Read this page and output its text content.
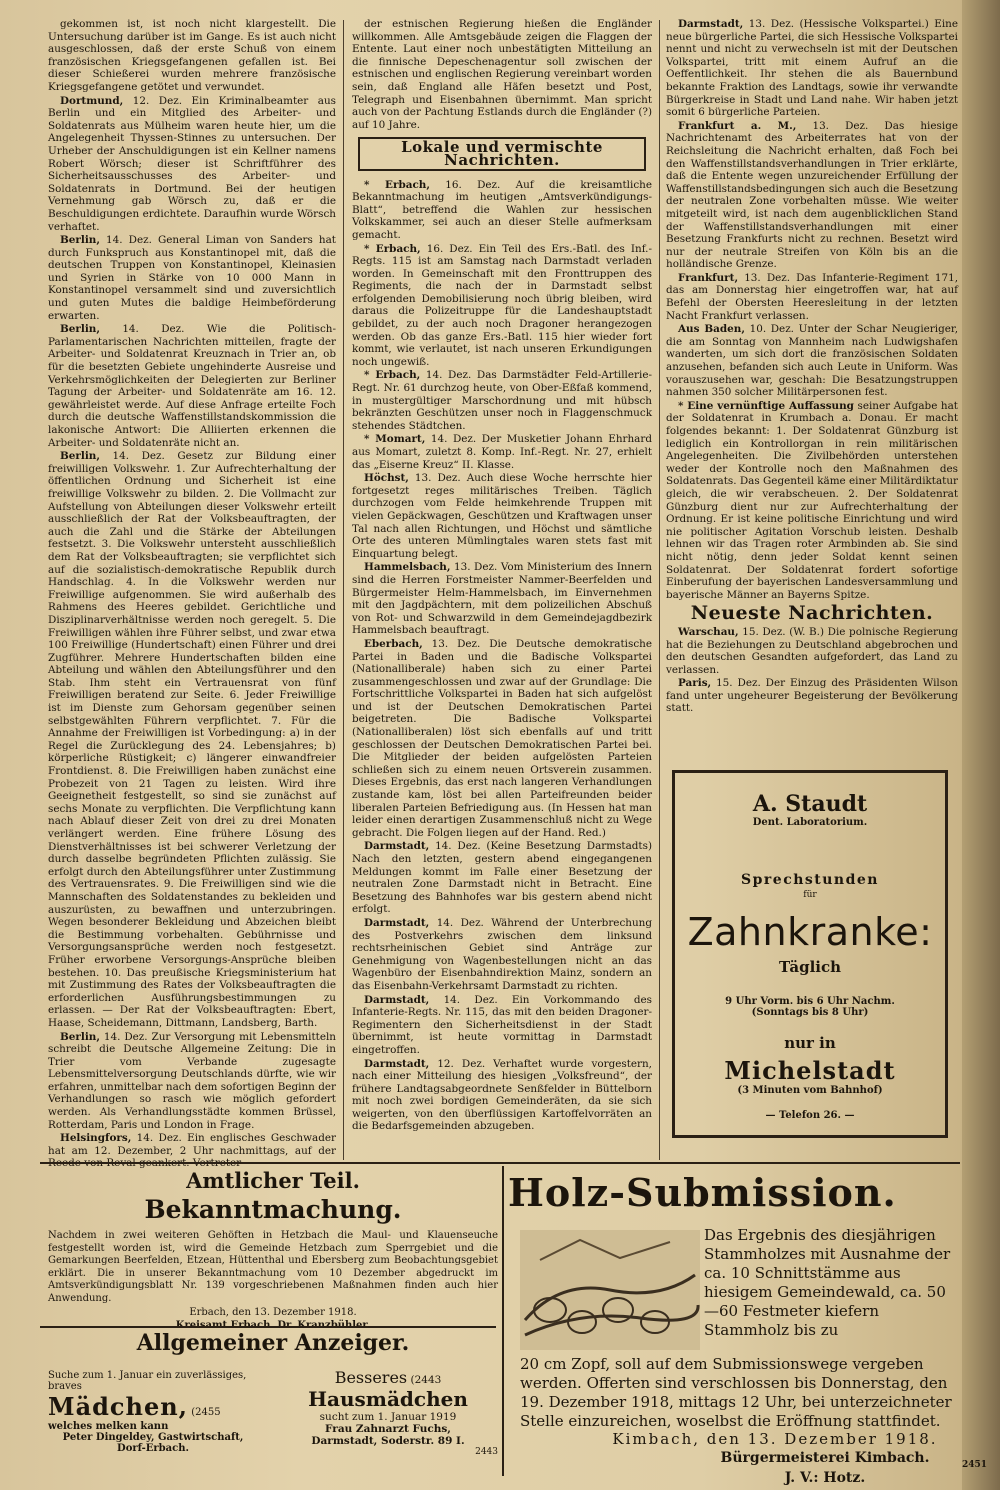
gekommen ist, ist noch nicht klargestellt. Die Untersuchung darüber ist im Gange. Es ist auch nicht ausgeschlossen, daß der erste Schuß von einem französischen Kriegsgefangenen gefallen ist. Bei dieser Schießerei wurden mehrere französische Kriegsgefangene getötet und verwundet.

Dortmund, 12. Dez. Ein Kriminalbeamter aus Berlin und ein Mitglied des Arbeiter- und Soldatenrats aus Mülheim waren heute hier, um die Angelegenheit Thyssen-Stinnes zu untersuchen. Der Urheber der Anschuldigungen ist ein Kellner namens Robert Wörsch; dieser ist Schriftführer des Sicherheitsausschusses des Arbeiter- und Soldatenrats in Dortmund. Bei der heutigen Vernehmung gab Wörsch zu, daß er die Beschuldigungen erdichtete. Daraufhin wurde Wörsch verhaftet.

Berlin, 14. Dez. General Liman von Sanders hat durch Funkspruch aus Konstantinopel mit, daß die deutschen Truppen von Konstantinopel, Kleinasien und Syrien in Stärke von 10 000 Mann in Konstantinopel versammelt sind und zuversichtlich und guten Mutes die baldige Heimbeförderung erwarten.

Berlin, 14. Dez. Wie die Politisch-Parlamentarischen Nachrichten mitteilen, fragte der Arbeiter- und Soldatenrat Kreuznach in Trier an, ob für die besetzten Gebiete ungehinderte Ausreise und Verkehrsmöglichkeiten der Delegierten zur Berliner Tagung der Arbeiter- und Soldatenräte am 16. 12. gewährleistet werde. Auf diese Anfrage erteilte Foch durch die deutsche Waffenstillstandskommission die lakonische Antwort: Die Alliierten erkennen die Arbeiter- und Soldatenräte nicht an.

Berlin, 14. Dez. Gesetz zur Bildung einer freiwilligen Volkswehr. 1. Zur Aufrechterhaltung der öffentlichen Ordnung und Sicherheit ist eine freiwillige Volkswehr zu bilden. 2. Die Vollmacht zur Aufstellung von Abteilungen dieser Volkswehr erteilt ausschließlich der Rat der Volksbeauftragten, der auch die Zahl und die Stärke der Abteilungen festsetzt. 3. Die Volkswehr untersteht ausschließlich dem Rat der Volksbeauftragten; sie verpflichtet sich auf die sozialistisch-demokratische Republik durch Handschlag. 4. In die Volkswehr werden nur Freiwillige aufgenommen. Sie wird außerhalb des Rahmens des Heeres gebildet. Gerichtliche und Disziplinarverhältnisse werden noch geregelt. 5. Die Freiwilligen wählen ihre Führer selbst, und zwar etwa 100 Freiwillige (Hundertschaft) einen Führer und drei Zugführer. Mehrere Hundertschaften bilden eine Abteilung und wählen den Abteilungsführer und den Stab. Ihm steht ein Vertrauensrat von fünf Freiwilligen beratend zur Seite. 6. Jeder Freiwillige ist im Dienste zum Gehorsam gegenüber seinen selbstgewählten Führern verpflichtet. 7. Für die Annahme der Freiwilligen ist Vorbedingung: a) in der Regel die Zurücklegung des 24. Lebensjahres; b) körperliche Rüstigkeit; c) längerer einwandfreier Frontdienst. 8. Die Freiwilligen haben zunächst eine Probezeit von 21 Tagen zu leisten. Wird ihre Geeignetheit festgestellt, so sind sie zunächst auf sechs Monate zu verpflichten. Die Verpflichtung kann nach Ablauf dieser Zeit von drei zu drei Monaten verlängert werden. Eine frühere Lösung des Dienstverhältnisses ist bei schwerer Verletzung der durch dasselbe begründeten Pflichten zulässig. Sie erfolgt durch den Abteilungsführer unter Zustimmung des Vertrauensrates. 9. Die Freiwilligen sind wie die Mannschaften des Soldatenstandes zu bekleiden und auszurüsten, zu bewaffnen und unterzubringen. Wegen besonderer Bekleidung und Abzeichen bleibt die Bestimmung vorbehalten. Gebührnisse und Versorgungsansprüche werden noch festgesetzt. Früher erworbene Versorgungs-Ansprüche bleiben bestehen. 10. Das preußische Kriegsministerium hat mit Zustimmung des Rates der Volksbeauftragten die erforderlichen Ausführungsbestimmungen zu erlassen. — Der Rat der Volksbeauftragten: Ebert, Haase, Scheidemann, Dittmann, Landsberg, Barth.

Berlin, 14. Dez. Zur Versorgung mit Lebensmitteln schreibt die Deutsche Allgemeine Zeitung: Die in Trier vom Verbande zugesagte Lebensmittelversorgung Deutschlands dürfte, wie wir erfahren, unmittelbar nach dem sofortigen Beginn der Verhandlungen so rasch wie möglich gefordert werden. Als Verhandlungsstädte kommen Brüssel, Rotterdam, Paris und London in Frage.

Helsingfors, 14. Dez. Ein englisches Geschwader hat am 12. Dezember, 2 Uhr nachmittags, auf der

der estnischen Regierung hießen die Engländer willkommen. Alle Amtsgebäude zeigen die Flaggen der Entente. Laut einer noch unbestätigten Mitteilung an die finnische Depeschenagentur soll zwischen der estnischen und englischen Regierung vereinbart worden sein, daß England alle Häfen besetzt und Post, Telegraph und Eisenbahnen übernimmt. Man spricht auch von der Pachtung Estlands durch die Engländer (?) auf 10 Jahre.

Lokale und vermischte Nachrichten.

* Erbach, 16. Dez. Auf die kreisamtliche Bekanntmachung im heutigen „Amtsverkündigungs-Blatt“, betreffend die Wahlen zur hessischen Volkskammer, sei auch an dieser Stelle aufmerksam gemacht.

* Erbach, 16. Dez. Ein Teil des Ers.-Batl. des Inf.-Regts. 115 ist am Samstag nach Darmstadt verladen worden. In Gemeinschaft mit den Fronttruppen des Regiments, die nach der in Darmstadt selbst erfolgenden Demobilisierung noch übrig bleiben, wird daraus die Polizeitruppe für die Landeshauptstadt gebildet, zu der auch noch Dragoner herangezogen werden. Ob das ganze Ers.-Batl. 115 hier wieder fort kommt, wie verlautet, ist nach unseren Erkundigungen noch ungewiß.

* Erbach, 14. Dez. Das Darmstädter Feld-Artillerie-Regt. Nr. 61 durchzog heute, von Ober-Eßfaß kommend, in mustergültiger Marschordnung und mit hübsch bekränzten Geschützen unser noch in Flaggenschmuck stehendes Städtchen.

* Momart, 14. Dez. Der Musketier Johann Ehrhard aus Momart, zuletzt 8. Komp. Inf.-Regt. Nr. 27, erhielt das „Eiserne Kreuz“ II. Klasse.

Höchst, 13. Dez. Auch diese Woche herrschte hier fortgesetzt reges militärisches Treiben. Täglich durchzogen vom Felde heimkehrende Truppen mit vielen Gepäckwagen, Geschützen und Kraftwagen unser Tal nach allen Richtungen, und Höchst und sämtliche Orte des unteren Mümlingtales waren stets fast mit Einquartung belegt.

Hammelsbach, 13. Dez. Vom Ministerium des Innern sind die Herren Forstmeister Nammer-Beerfelden und Bürgermeister Helm-Hammelsbach, im Einvernehmen mit den Jagdpächtern, mit dem polizeilichen Abschuß von Rot- und Schwarzwild in dem Gemeindejagdbezirk Hammelsbach beauftragt.

Eberbach, 13. Dez. Die Deutsche demokratische Partei in Baden und die Badische Volkspartei (Nationalliberale) haben sich zu einer Partei zusammengeschlossen und zwar auf der Grundlage: Die Fortschrittliche Volkspartei in Baden hat sich aufgelöst und ist der Deutschen Demokratischen Partei beigetreten. Die Badische Volkspartei (Nationalliberalen) löst sich ebenfalls auf und tritt geschlossen der Deutschen Demokratischen Partei bei. Die Mitglieder der beiden aufgelösten Parteien schließen sich zu einem neuen Ortsverein zusammen. Dieses Ergebnis, das erst nach langeren Verhandlungen zustande kam, löst bei allen Parteifreunden beider liberalen Parteien Befriedigung aus. (In Hessen hat man leider einen derartigen Zusammenschluß nicht zu Wege gebracht. Die Folgen liegen auf der Hand. Red.)

Darmstadt, 14. Dez. (Keine Besetzung Darmstadts) Nach den letzten, gestern abend eingegangenen Meldungen kommt im Falle einer Besetzung der neutralen Zone Darmstadt nicht in Betracht. Eine Besetzung des Bahnhofes war bis gestern abend nicht erfolgt.

Darmstadt, 14. Dez. Während der Unterbrechung des Postverkehrs zwischen dem linksund rechtsrheinischen Gebiet sind Anträge zur Genehmigung von Wagenbestellungen nicht an das Wagenbüro der Eisenbahndirektion Mainz, sondern an das Eisenbahn-Verkehrsamt Darmstadt zu richten.

Darmstadt, 14. Dez. Ein Vorkommando des Infanterie-Regts. Nr. 115, das mit den beiden Dragoner-Regimentern den Sicherheitsdienst in der Stadt übernimmt, ist heute vormittag in Darmstadt eingetroffen.

Darmstadt, 12. Dez. Verhaftet wurde vorgestern, nach einer Mitteilung des hiesigen „Volksfreund“, der frühere Landtagsabgeordnete Senßfelder in Büttelborn mit noch zwei bordigen Gemeinderäten, da sie sich weigerten, von den überflüssigen Kartoffelvorräten an die Bedarfsgemeinden abzugeben.

Darmstadt, 13. Dez. (Hessische Volkspartei.) Eine neue bürgerliche Partei, die sich Hessische Volkspartei nennt und nicht zu verwechseln ist mit der Deutschen Volkspartei, tritt mit einem Aufruf an die Oeffentlichkeit. Ihr stehen die als Bauernbund bekannte Fraktion des Landtags, sowie ihr verwandte Bürgerkreise in Stadt und Land nahe. Wir haben jetzt somit 6 bürgerliche Parteien.

Frankfurt a. M., 13. Dez. Das hiesige Nachrichtenamt des Arbeiterrates hat von der Reichsleitung die Nachricht erhalten, daß Foch bei den Waffenstillstandsverhandlungen in Trier erklärte, daß die Entente wegen unzureichender Erfüllung der Waffenstillstandsbedingungen sich auch die Besetzung der neutralen Zone vorbehalten müsse. Wie weiter mitgeteilt wird, ist nach dem augenblicklichen Stand der Waffenstillstandsverhandlungen mit einer Besetzung Frankfurts nicht zu rechnen. Besetzt wird nur der neutrale Streifen von Köln bis an die holländische Grenze.

Frankfurt, 13. Dez. Das Infanterie-Regiment 171, das am Donnerstag hier eingetroffen war, hat auf Befehl der Obersten Heeresleitung in der letzten Nacht Frankfurt verlassen.

Aus Baden, 10. Dez. Unter der Schar Neugieriger, die am Sonntag von Mannheim nach Ludwigshafen wanderten, um sich dort die französischen Soldaten anzusehen, befanden sich auch Leute in Uniform. Was vorauszusehen war, geschah: Die Besatzungstruppen nahmen 350 solcher Militärpersonen fest.

* Eine vernünftige Auffassung seiner Aufgabe hat der Soldatenrat in Krumbach a. Donau. Er macht folgendes bekannt: 1. Der Soldatenrat Günzburg ist lediglich ein Kontrollorgan in rein militärischen Angelegenheiten. Die Zivilbehörden unterstehen weder der Kontrolle noch den Maßnahmen des Soldatenrats. Das Gegenteil käme einer Militärdiktatur gleich, die wir verabscheuen. 2. Der Soldatenrat Günzburg dient nur zur Aufrechterhaltung der Ordnung. Er ist keine politische Einrichtung und wird nie politischer Agitation Vorschub leisten. Deshalb lehnen wir das Tragen roter Armbinden ab. Sie sind nicht nötig, denn jeder Soldat kennt seinen Soldatenrat. Der Soldatenrat fordert sofortige Einberufung der bayerischen Landesversammlung und bayerische Männer an Bayerns Spitze.

Neueste Nachrichten.

Warschau, 15. Dez. (W. B.) Die polnische Regierung hat die Beziehungen zu Deutschland abgebrochen und den deutschen Gesandten aufgefordert, das Land zu verlassen.

Paris, 15. Dez. Der Einzug des Präsidenten Wilson fand unter ungeheurer Begeisterung der Bevölkerung statt.

A. Staudt
Dent. Laboratorium.
Sprechstunden
für
Zahnkranke:
Täglich
9 Uhr Vorm. bis 6 Uhr Nachm.
(Sonntags bis 8 Uhr)
nur in
Michelstadt
(3 Minuten vom Bahnhof)
— Telefon 26. —
Amtlicher Teil.
Bekanntmachung.
Nachdem in zwei weiteren Gehöften in Hetzbach die Maul- und Klauenseuche festgestellt worden ist, wird die Gemeinde Hetzbach zum Sperrgebiet und die Gemarkungen Beerfelden, Etzean, Hüttenthal und Ebersberg zum Beobachtungsgebiet erklärt. Die in unserer Bekanntmachung vom 10 Dezember abgedruckt im Amtsverkündigungsblatt Nr. 139 vorgeschriebenen Maßnahmen finden auch hier Anwendung.
Erbach, den 13. Dezember 1918.
Allgemeiner Anzeiger.
Suche zum 1. Januar ein zuverlässiges, braves
Mädchen, (2455
welches melken kann
Peter Dingeldey, Gastwirtschaft,
Dorf-Erbach.
Besseres (2443
Hausmädchen
sucht zum 1. Januar 1919
Frau Zahnarzt Fuchs,
Darmstadt, Soderstr. 89 I.
2443
Holz-Submission.
Das Ergebnis des diesjährigen Stammholzes mit Ausnahme der ca. 10 Schnittstämme aus hiesigem Gemeindewald, ca. 50—60 Festmeter kiefern Stammholz bis zu
20 cm Zopf, soll auf dem Submissionswege vergeben werden. Offerten sind verschlossen bis Donnerstag, den 19. Dezember 1918, mittags 12 Uhr, bei unterzeichneter Stelle einzureichen, woselbst die Eröffnung stattfindet.
Kimbach, den 13. Dezember 1918.
Bürgermeisterei Kimbach.
J. V.: Hotz.
2451
